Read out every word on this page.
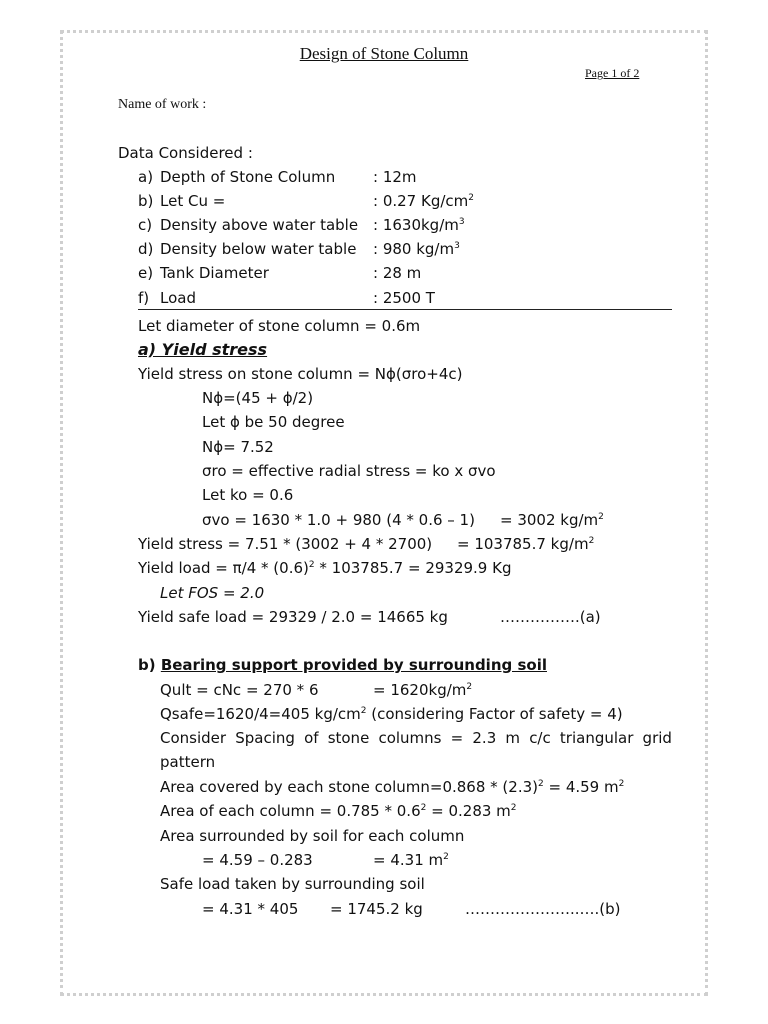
Design of Stone Column
Page 1 of 2
Name of work :
Data Considered :
a) Depth of Stone Column	: 12m
b) Let Cu =	: 0.27 $Kg/cm^2$
c) Density above water table : $1630kg/m^3$
d) Density below water table : 980 $kg/m^3$
e) Tank Diameter	: 28 m
f) Load	: 2500 T
Let diameter of stone column = 0.6m
a) Yield stress
Yield stress on stone column = Nϕ(σro+4c)
Nϕ=(45 + ϕ/2)
Let ϕ be 50 degree
Nϕ= 7.52
σro = effective radial stress = ko x σvo
Let ko = 0.6
σvo = 1630 * 1.0 + 980 (4 * 0.6 – 1) = 3002 $kg/m^2$
Yield stress = 7.51 * (3002 + 4 * 2700) = 103785.7 $kg/m^2$
Yield load = $\pi/4 * (0.6)^2 * 103785.7 = 29329.9$ Kg
Let FOS = 2.0
Yield safe load = 29329 / 2.0 = 14665 kg	…………….(a)
b) Bearing support provided by surrounding soil
Qult = cNc = 270 * 6	= $1620kg/m^2$
Qsafe=1620/4=405 $kg/cm^2$ (considering Factor of safety = 4)
Consider Spacing of stone columns = 2.3 m c/c triangular grid
pattern
Area covered by each stone column=0.868 * $(2.3)^2 = 4.59$ $m^2$
Area of each column = $0.785 * 0.6^2 = 0.283$ $m^2$
Area surrounded by soil for each column
= 4.59 – 0.283	= 4.31 $m^2$
Safe load taken by surrounding soil
= 4.31 * 405 = 1745.2 kg	…………………..….(b)
